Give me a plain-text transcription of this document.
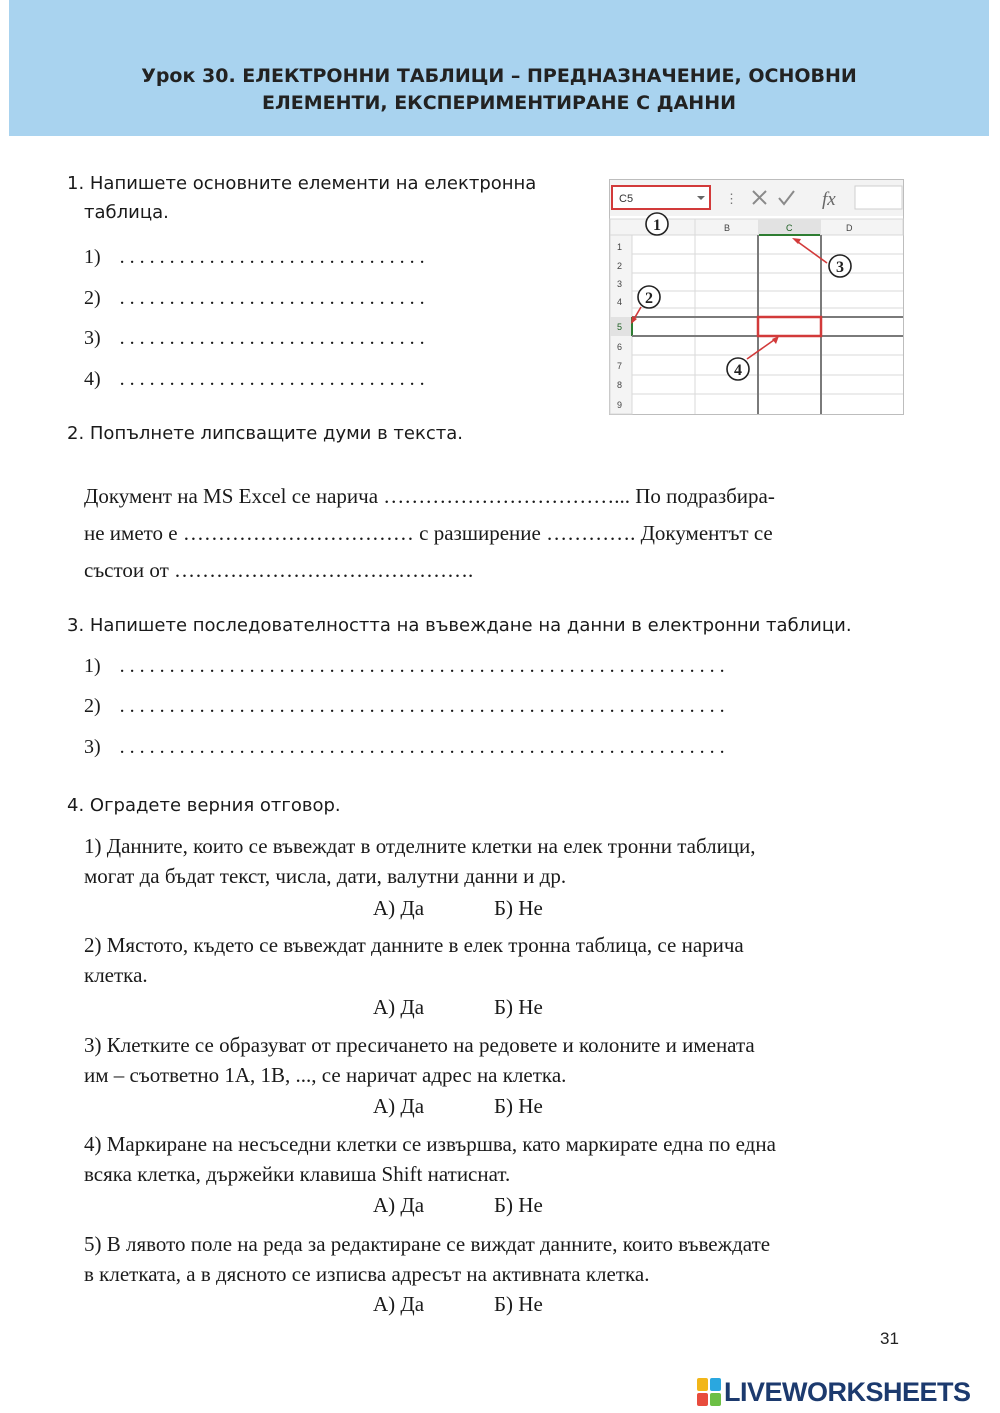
Урок 30. ЕЛЕКТРОННИ ТАБЛИЦИ – ПРЕДНАЗНАЧЕНИЕ, ОСНОВНИ
ЕЛЕМЕНТИ, ЕКСПЕРИМЕНТИРАНЕ С ДАННИ
1. Напишете основните елементи на електронна
таблица.
1) . . . . . . . . . . . . . . . . . . . . . . . . . . . . . . .
2) . . . . . . . . . . . . . . . . . . . . . . . . . . . . . . .
3) . . . . . . . . . . . . . . . . . . . . . . . . . . . . . . .
4) . . . . . . . . . . . . . . . . . . . . . . . . . . . . . . .
C5	⋮	fx
B	C	D
1
2
3
4
5
6
7
8
9
1
2
3
4
2. Попълнете липсващите думи в текста.
Документ на MS Excel се нарича ……………………………... По подразбира-
не името е …………………………… с разширение …………. Документът се
състои от …………………………………….
3. Напишете последователността на въвеждане на данни в електронни таблици.
1) . . . . . . . . . . . . . . . . . . . . . . . . . . . . . . . . . . . . . . . . . . . . . . . . . . . . . . . . . . . . .
2) . . . . . . . . . . . . . . . . . . . . . . . . . . . . . . . . . . . . . . . . . . . . . . . . . . . . . . . . . . . . .
3) . . . . . . . . . . . . . . . . . . . . . . . . . . . . . . . . . . . . . . . . . . . . . . . . . . . . . . . . . . . . .
4. Оградете верния отговор.
1) Данните, които се въвеждат в отделните клетки на елек тронни таблици,
могат да бъдат текст, числа, дати, валутни данни и др.
А) Да	Б) Не
2) Мястото, където се въвеждат данните в елек тронна таблица, се нарича
клетка.
А) Да	Б) Не
3) Клетките се образуват от пресичането на редовете и колоните и имената
им – съответно 1A, 1B, ..., се наричат адрес на клетка.
А) Да	Б) Не
4) Маркиране на несъседни клетки се извършва, като маркирате една по една
всяка клетка, държейки клавиша Shift натиснат.
А) Да	Б) Не
5) В лявото поле на реда за редактиране се виждат данните, които въвеждате
в клетката, а в дясното се изписва адресът на активната клетка.
А) Да	Б) Не
31
LIVEWORKSHEETS
